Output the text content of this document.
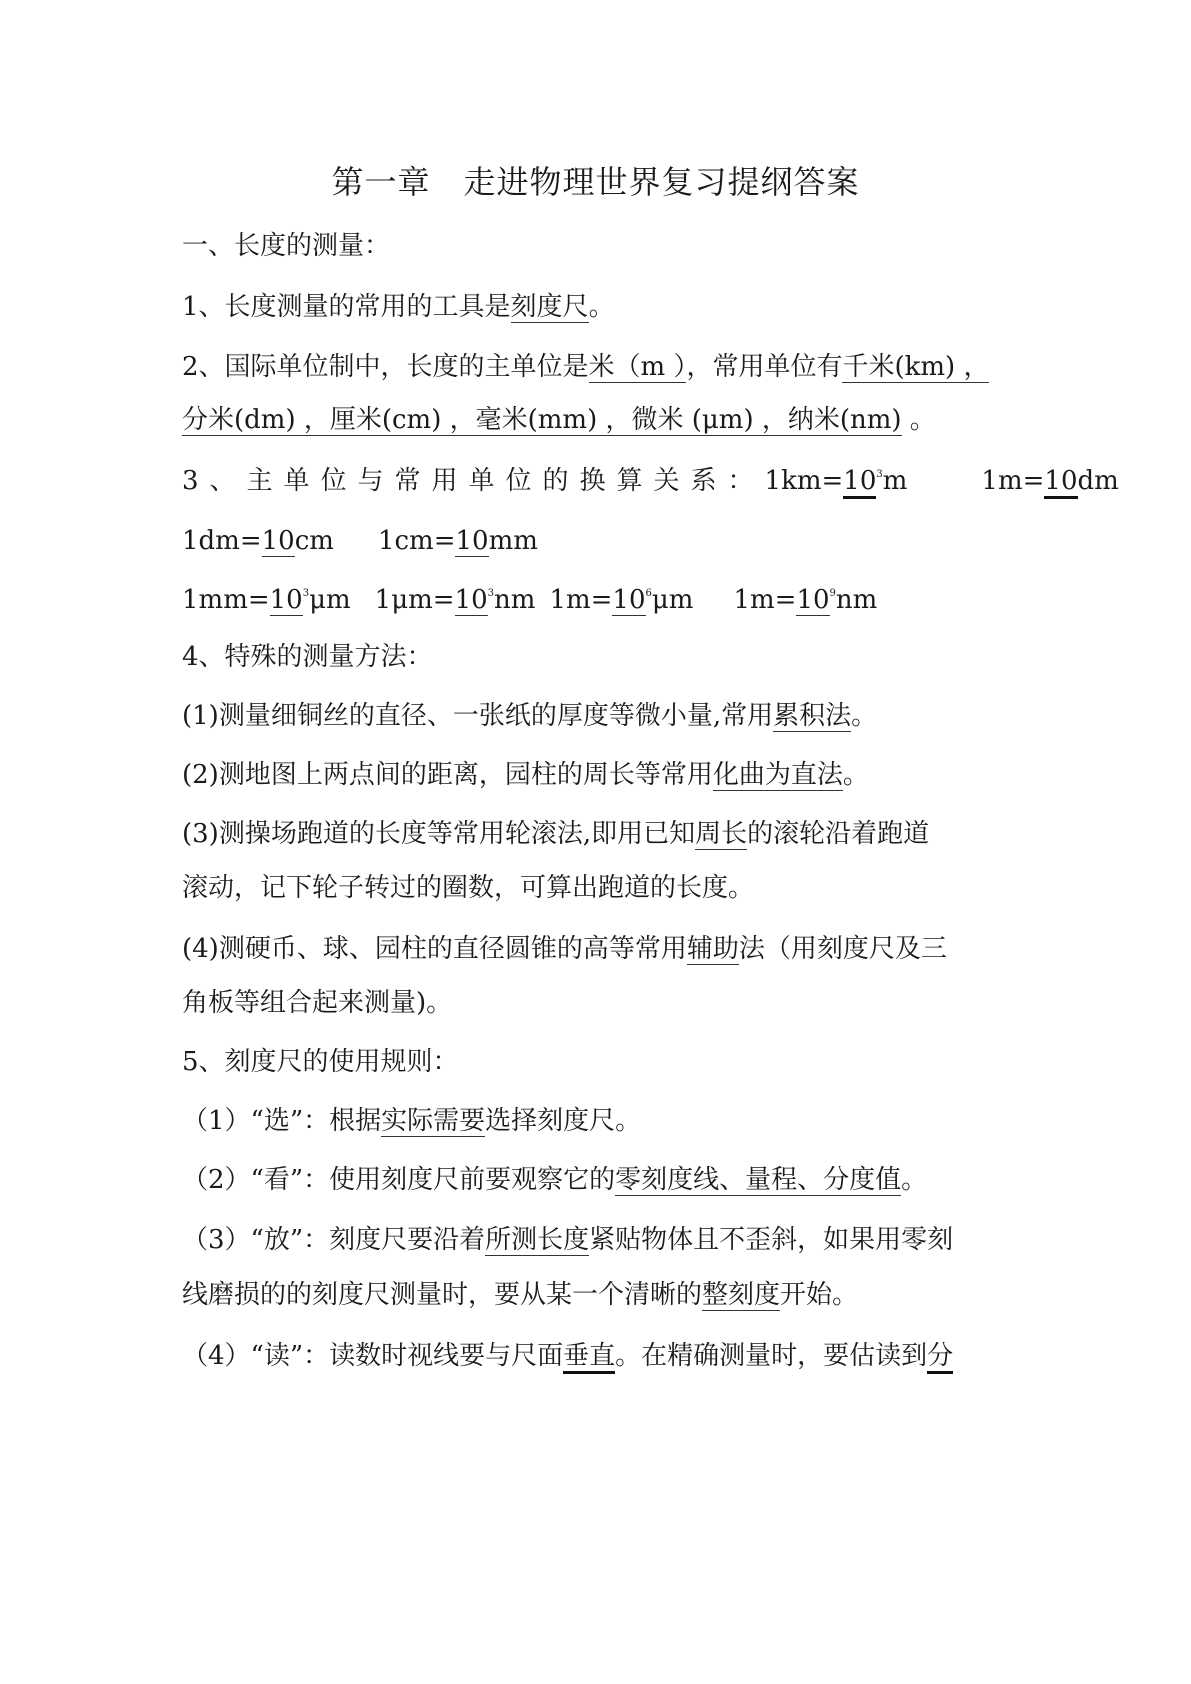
第一章　走进物理世界复习提纲答案
一、长度的测量：
1、长度测量的常用的工具是刻度尺。
2、国际单位制中，长度的主单位是米（m ），常用单位有千米(km) ，
分米(dm) ，厘米(cm) ，毫米(mm) ，微米 (μm) ，纳米(nm) 。
3、主单位与常用单位的换算关系：$1km=10^3m$	1m=10dm
1dm=10cm 1cm=10mm
$1mm=10^3\mu m$ $1\mu m=10^3nm$ $1m=10^6\mu m$ $1m=10^9nm$
4、特殊的测量方法：
(1)测量细铜丝的直径、一张纸的厚度等微小量,常用累积法。
(2)测地图上两点间的距离，园柱的周长等常用化曲为直法。
(3)测操场跑道的长度等常用轮滚法,即用已知周长的滚轮沿着跑道
滚动，记下轮子转过的圈数，可算出跑道的长度。
(4)测硬币、球、园柱的直径圆锥的高等常用辅助法（用刻度尺及三
角板等组合起来测量)。
5、刻度尺的使用规则：
（1）“选”：根据实际需要选择刻度尺。
（2）“看”：使用刻度尺前要观察它的零刻度线、量程、分度值。
（3）“放”：刻度尺要沿着所测长度紧贴物体且不歪斜，如果用零刻
线磨损的的刻度尺测量时，要从某一个清晰的整刻度开始。
（4）“读”：读数时视线要与尺面垂直。在精确测量时，要估读到分
